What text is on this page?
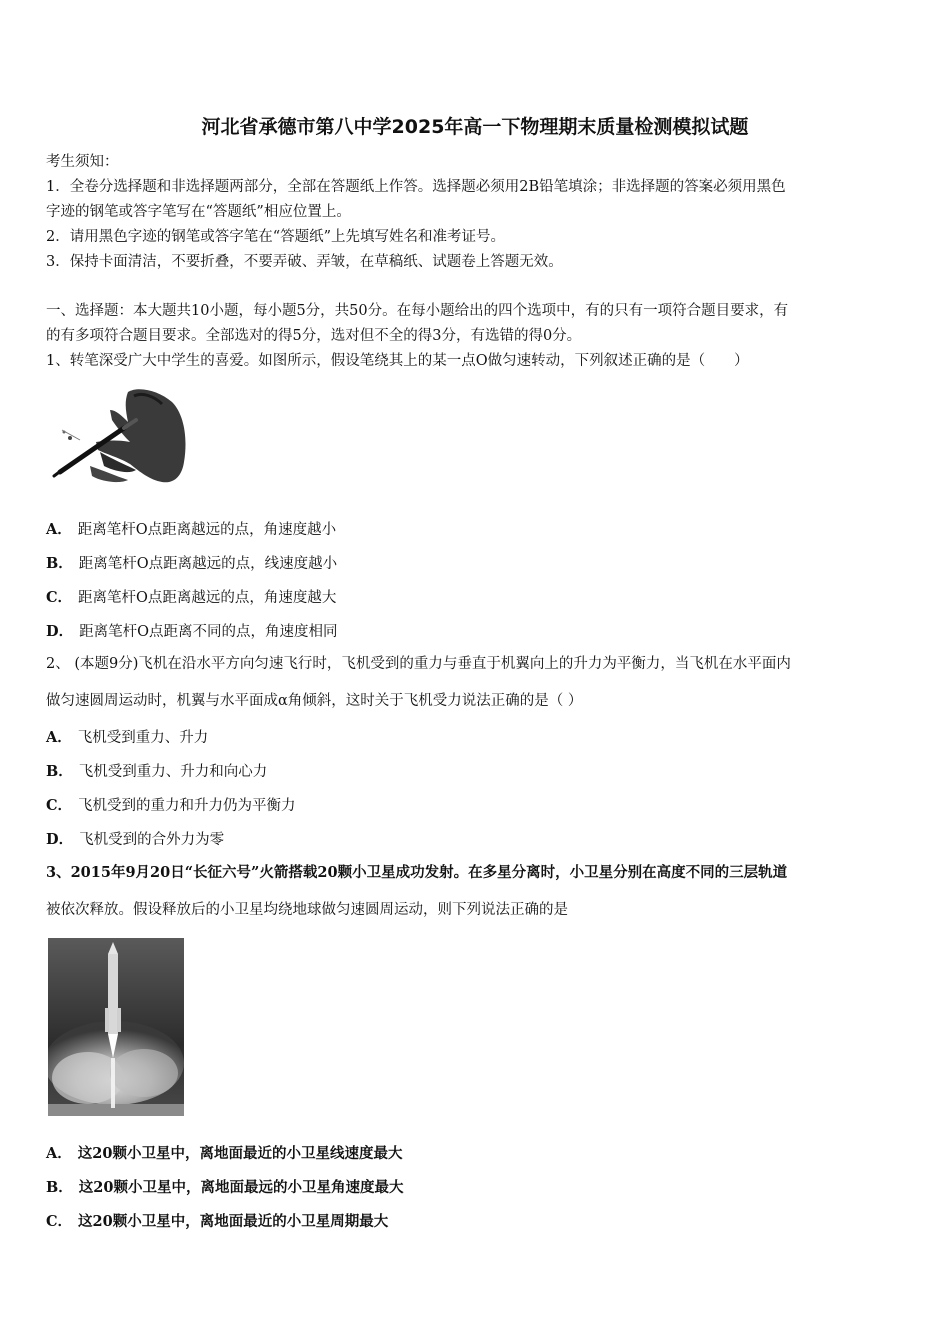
河北省承德市第八中学2025年高一下物理期末质量检测模拟试题
考生须知：
1．全卷分选择题和非选择题两部分，全部在答题纸上作答。选择题必须用2B铅笔填涂；非选择题的答案必须用黑色
字迹的钢笔或答字笔写在“答题纸”相应位置上。
2．请用黑色字迹的钢笔或答字笔在“答题纸”上先填写姓名和准考证号。
3．保持卡面清洁，不要折叠，不要弄破、弄皱，在草稿纸、试题卷上答题无效。
一、选择题：本大题共10小题，每小题5分，共50分。在每小题给出的四个选项中，有的只有一项符合题目要求，有
的有多项符合题目要求。全部选对的得5分，选对但不全的得3分，有选错的得0分。
1、转笔深受广大中学生的喜爱。如图所示，假设笔绕其上的某一点O做匀速转动，下列叙述正确的是（　　）
A． 距离笔杆O点距离越远的点，角速度越小
B． 距离笔杆O点距离越远的点，线速度越小
C． 距离笔杆O点距离越远的点，角速度越大
D． 距离笔杆O点距离不同的点，角速度相同
2、 (本题9分)飞机在沿水平方向匀速飞行时，飞机受到的重力与垂直于机翼向上的升力为平衡力，当飞机在水平面内
做匀速圆周运动时，机翼与水平面成α角倾斜，这时关于飞机受力说法正确的是（ ）
A． 飞机受到重力、升力
B． 飞机受到重力、升力和向心力
C． 飞机受到的重力和升力仍为平衡力
D． 飞机受到的合外力为零
3、2015年9月20日“长征六号”火箭搭载20颗小卫星成功发射。在多星分离时，小卫星分别在高度不同的三层轨道
被依次释放。假设释放后的小卫星均绕地球做匀速圆周运动，则下列说法正确的是
A． 这20颗小卫星中，离地面最近的小卫星线速度最大
B． 这20颗小卫星中，离地面最远的小卫星角速度最大
C． 这20颗小卫星中，离地面最近的小卫星周期最大
